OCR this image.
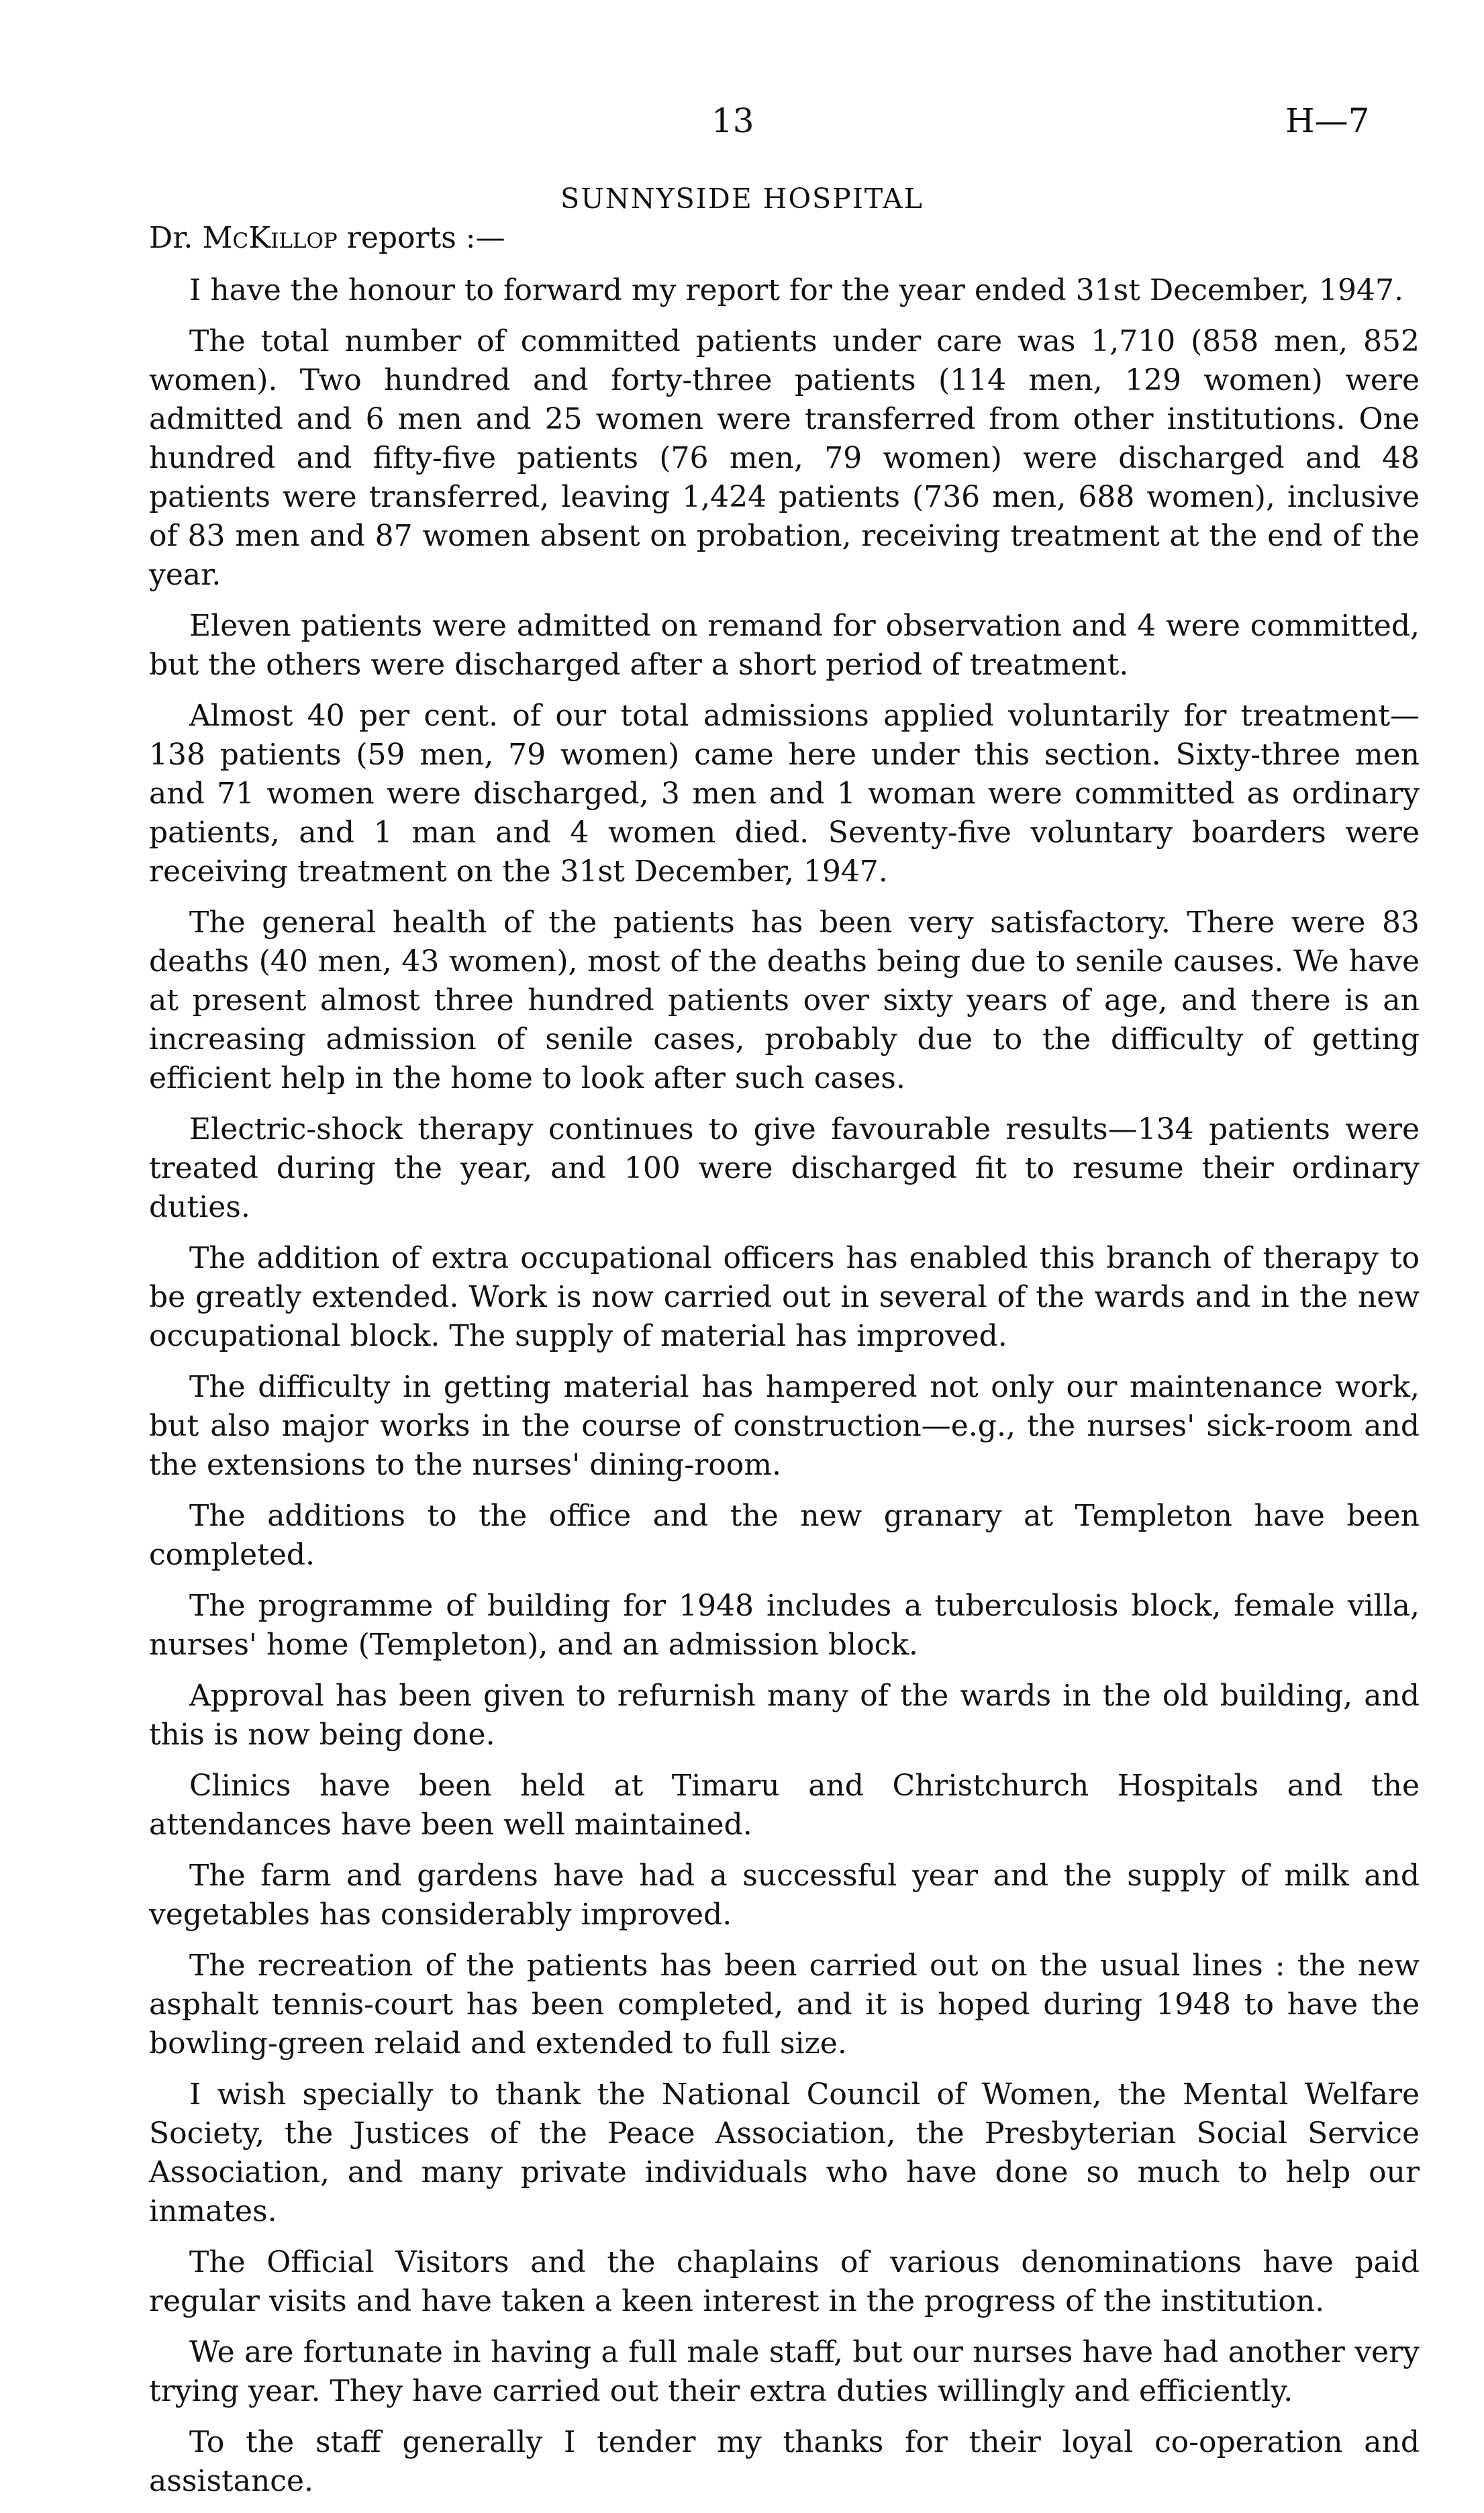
13	H—7
SUNNYSIDE HOSPITAL

Dr. McKillop reports :—

I have the honour to forward my report for the year ended 31st December, 1947.

The total number of committed patients under care was 1,710 (858 men, 852 women). Two hundred and forty-three patients (114 men, 129 women) were admitted and 6 men and 25 women were transferred from other institutions. One hundred and fifty-five patients (76 men, 79 women) were discharged and 48 patients were transferred, leaving 1,424 patients (736 men, 688 women), inclusive of 83 men and 87 women absent on probation, receiving treatment at the end of the year.

Eleven patients were admitted on remand for observation and 4 were committed, but the others were discharged after a short period of treatment.

Almost 40 per cent. of our total admissions applied voluntarily for treatment—138 patients (59 men, 79 women) came here under this section. Sixty-three men and 71 women were discharged, 3 men and 1 woman were committed as ordinary patients, and 1 man and 4 women died. Seventy-five voluntary boarders were receiving treatment on the 31st December, 1947.

The general health of the patients has been very satisfactory. There were 83 deaths (40 men, 43 women), most of the deaths being due to senile causes. We have at present almost three hundred patients over sixty years of age, and there is an increasing admission of senile cases, probably due to the difficulty of getting efficient help in the home to look after such cases.

Electric-shock therapy continues to give favourable results—134 patients were treated during the year, and 100 were discharged fit to resume their ordinary duties.

The addition of extra occupational officers has enabled this branch of therapy to be greatly extended. Work is now carried out in several of the wards and in the new occupational block. The supply of material has improved.

The difficulty in getting material has hampered not only our maintenance work, but also major works in the course of construction—e.g., the nurses' sick-room and the extensions to the nurses' dining-room.

The additions to the office and the new granary at Templeton have been completed.

The programme of building for 1948 includes a tuberculosis block, female villa, nurses' home (Templeton), and an admission block.

Approval has been given to refurnish many of the wards in the old building, and this is now being done.

Clinics have been held at Timaru and Christchurch Hospitals and the attendances have been well maintained.

The farm and gardens have had a successful year and the supply of milk and vegetables has considerably improved.

The recreation of the patients has been carried out on the usual lines : the new asphalt tennis-court has been completed, and it is hoped during 1948 to have the bowling-green relaid and extended to full size.

I wish specially to thank the National Council of Women, the Mental Welfare Society, the Justices of the Peace Association, the Presbyterian Social Service Association, and many private individuals who have done so much to help our inmates.

The Official Visitors and the chaplains of various denominations have paid regular visits and have taken a keen interest in the progress of the institution.

We are fortunate in having a full male staff, but our nurses have had another very trying year. They have carried out their extra duties willingly and efficiently.

To the staff generally I tender my thanks for their loyal co-operation and assistance.
